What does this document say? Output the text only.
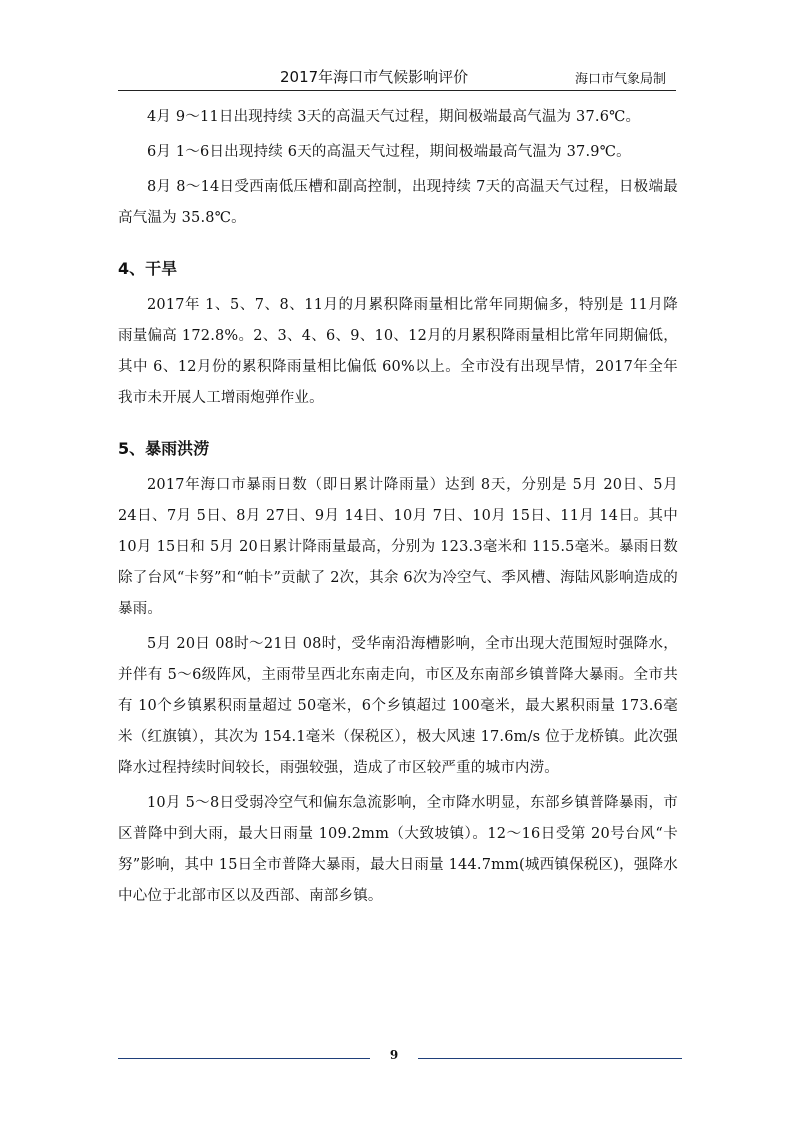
2017年海口市气候影响评价	海口市气象局制

4月 9～11日出现持续 3天的高温天气过程，期间极端最高气温为 37.6℃。

6月 1～6日出现持续 6天的高温天气过程，期间极端最高气温为 37.9℃。

8月 8～14日受西南低压槽和副高控制，出现持续 7天的高温天气过程，日极端最高气温为 35.8℃。

4、干旱

2017年 1、5、7、8、11月的月累积降雨量相比常年同期偏多，特别是 11月降雨量偏高 172.8%。2、3、4、6、9、10、12月的月累积降雨量相比常年同期偏低，其中 6、12月份的累积降雨量相比偏低 60%以上。全市没有出现旱情，2017年全年我市未开展人工增雨炮弹作业。

5、暴雨洪涝

2017年海口市暴雨日数（即日累计降雨量）达到 8天，分别是 5月 20日、5月 24日、7月 5日、8月 27日、9月 14日、10月 7日、10月 15日、11月 14日。其中 10月 15日和 5月 20日累计降雨量最高，分别为 123.3毫米和 115.5毫米。暴雨日数除了台风“卡努”和“帕卡”贡献了 2次，其余 6次为冷空气、季风槽、海陆风影响造成的暴雨。

5月 20日 08时～21日 08时，受华南沿海槽影响，全市出现大范围短时强降水，并伴有 5～6级阵风，主雨带呈西北东南走向，市区及东南部乡镇普降大暴雨。全市共有 10个乡镇累积雨量超过 50毫米，6个乡镇超过 100毫米，最大累积雨量 173.6毫米（红旗镇），其次为 154.1毫米（保税区），极大风速 17.6m/s 位于龙桥镇。此次强降水过程持续时间较长，雨强较强，造成了市区较严重的城市内涝。

10月 5～8日受弱冷空气和偏东急流影响，全市降水明显，东部乡镇普降暴雨，市区普降中到大雨，最大日雨量 109.2mm（大致坡镇）。12～16日受第 20号台风“卡努”影响，其中 15日全市普降大暴雨，最大日雨量 144.7mm(城西镇保税区)，强降水中心位于北部市区以及西部、南部乡镇。

9
